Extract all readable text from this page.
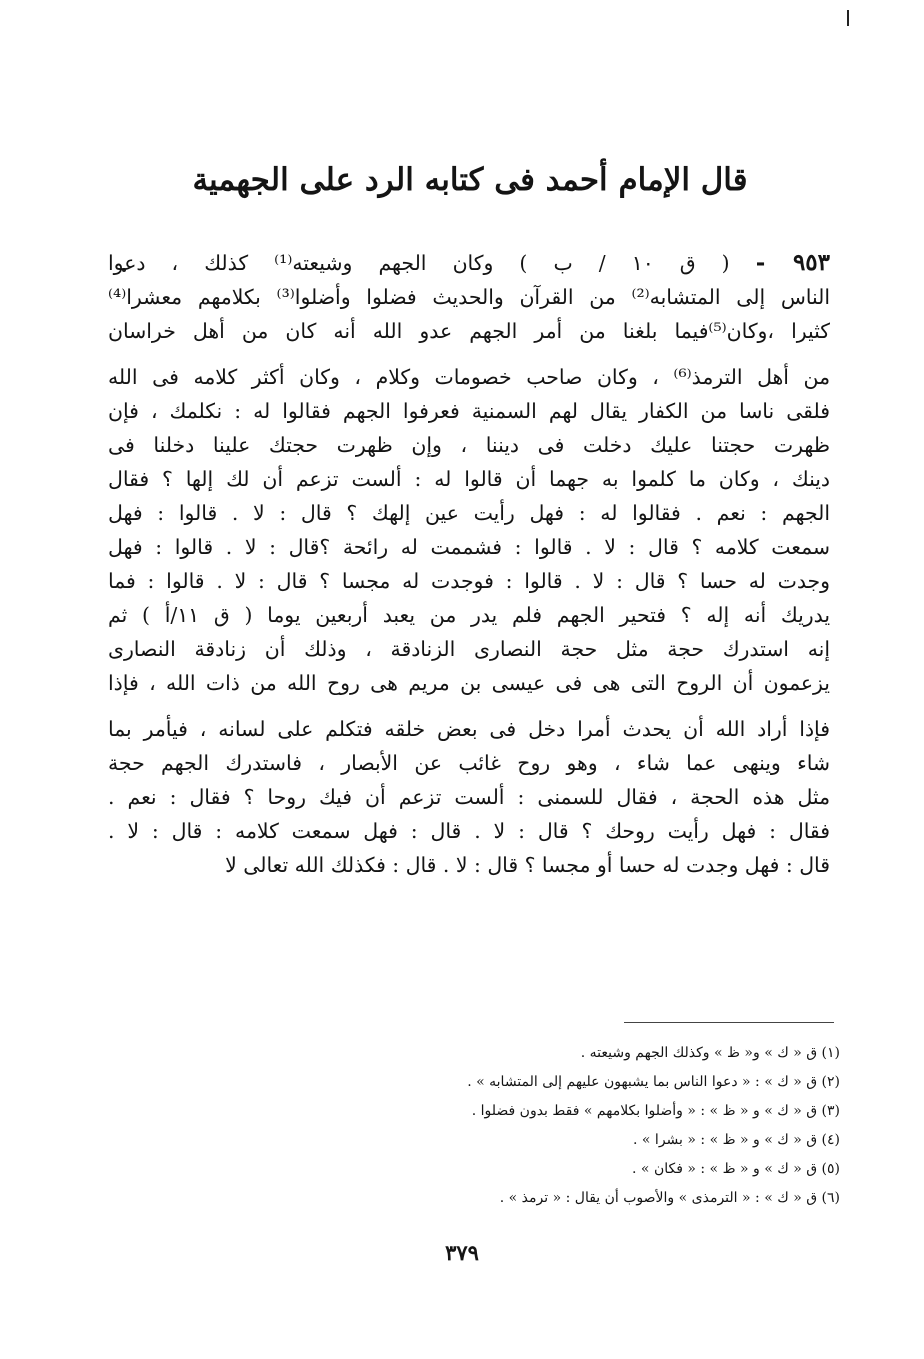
قال الإمام أحمد فى كتابه الرد على الجهمية
٩٥٣ - ( ق ١٠ / ب ) وكان الجهم وشيعته⁽¹⁾ كذلك ، دعوا
الناس إلى المتشابه⁽²⁾ من القرآن والحديث فضلوا وأضلوا⁽³⁾ بكلامهم معشرا⁽⁴⁾
كثيرا ،وكان⁽⁵⁾فيما بلغنا من أمر الجهم عدو الله أنه كان من أهل خراسان
من أهل الترمذ⁽⁶⁾ ، وكان صاحب خصومات وكلام ، وكان أكثر كلامه فى الله
فلقى ناسا من الكفار يقال لهم السمنية فعرفوا الجهم فقالوا له : نكلمك ، فإن
ظهرت حجتنا عليك دخلت فى ديننا ، وإن ظهرت حجتك علينا دخلنا فى
دينك ، وكان ما كلموا به جهما أن قالوا له : ألست تزعم أن لك إلها ؟ فقال
الجهم : نعم . فقالوا له : فهل رأيت عين إلهك ؟ قال : لا . قالوا : فهل
سمعت كلامه ؟ قال : لا . قالوا : فشممت له رائحة ؟قال : لا . قالوا : فهل
وجدت له حسا ؟ قال : لا . قالوا : فوجدت له مجسا ؟ قال : لا . قالوا : فما
يدريك أنه إله ؟ فتحير الجهم فلم يدر من يعبد أربعين يوما ( ق ١١/أ ) ثم
إنه استدرك حجة مثل حجة النصارى الزنادقة ، وذلك أن زنادقة النصارى
يزعمون أن الروح التى هى فى عيسى بن مريم هى روح الله من ذات الله ، فإذا
فإذا أراد الله أن يحدث أمرا دخل فى بعض خلقه فتكلم على لسانه ، فيأمر بما
شاء وينهى عما شاء ، وهو روح غائب عن الأبصار ، فاستدرك الجهم حجة
مثل هذه الحجة ، فقال للسمنى : ألست تزعم أن فيك روحا ؟ فقال : نعم .
فقال : فهل رأيت روحك ؟ قال : لا . قال : فهل سمعت كلامه : قال : لا .
قال : فهل وجدت له حسا أو مجسا ؟ قال : لا . قال : فكذلك الله تعالى لا
(١) ق « ك » و« ظ » وكذلك الجهم وشيعته .
(٢) ق « ك » : « دعوا الناس بما يشبهون عليهم إلى المتشابه » .
(٣) ق « ك » و « ظ » : « وأضلوا بكلامهم » فقط بدون فضلوا .
(٤) ق « ك » و « ظ » : « بشرا » .
(٥) ق « ك » و « ظ » : « فكان » .
(٦) ق « ك » : « الترمذى » والأصوب أن يقال : « ترمذ » .
٣٧٩
